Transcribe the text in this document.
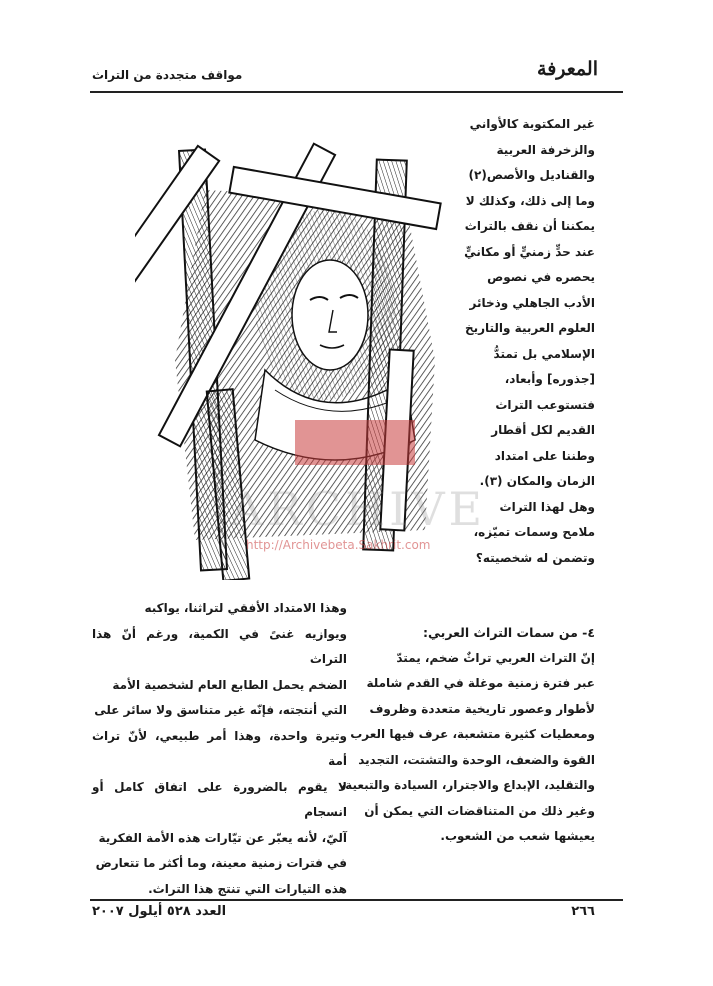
المعرفة
مواقف متجددة من التراث
ARCHIVE
http://Archivebeta.Sakhrit.com

غير المكتوبة كالأواني

والزخرفة العربية

والقناديل والأصص(٢)

وما إلى ذلك، وكذلك لا

يمكننا أن نقف بالتراث

عند حدٍّ زمنيٍّ أو مكانيٍّ

يحصره في نصوص

الأدب الجاهلي وذخائر

العلوم العربية والتاريخ

الإسلامي بل تمتدُّ

[جذوره] وأبعاد،

فتستوعب التراث

القديم لكل أقطار

وطننا على امتداد

الزمان والمكان (٣).

وهل لهذا التراث

ملامح وسمات تميّزه،

وتضمن له شخصيته؟

٤- من سمات التراث العربي:

إنّ التراث العربي تراثٌ ضخم، يمتدّ

عبر فترة زمنية موغلة في القدم شاملة

لأطوار وعصور تاريخية متعددة وظروف

ومعطيات كثيرة متشعبة، عرف فيها العرب

القوة والضعف، الوحدة والتشتت، التجديد

والتقليد، الإبداع والاجترار، السيادة والتبعية،

وغير ذلك من المتناقضات التي يمكن أن

يعيشها شعب من الشعوب.

وهذا الامتداد الأفقي لتراثنا، يواكبه

ويوازيه غنىً في الكمية، ورغم أنّ هذا التراث

الضخم يحمل الطابع العام لشخصية الأمة

التي أنتجته، فإنّه غير متناسق ولا سائر على

وتيرة واحدة، وهذا أمر طبيعي، لأنّ تراث أمة

لا يقوم بالضرورة على اتفاق كامل أو انسجام

آليّ، لأنه يعبّر عن تيّارات هذه الأمة الفكرية

في فترات زمنية معينة، وما أكثر ما تتعارض

هذه التيارات التي تنتج هذا التراث.

٢٦٦
العدد ٥٢٨ أيلول ٢٠٠٧
